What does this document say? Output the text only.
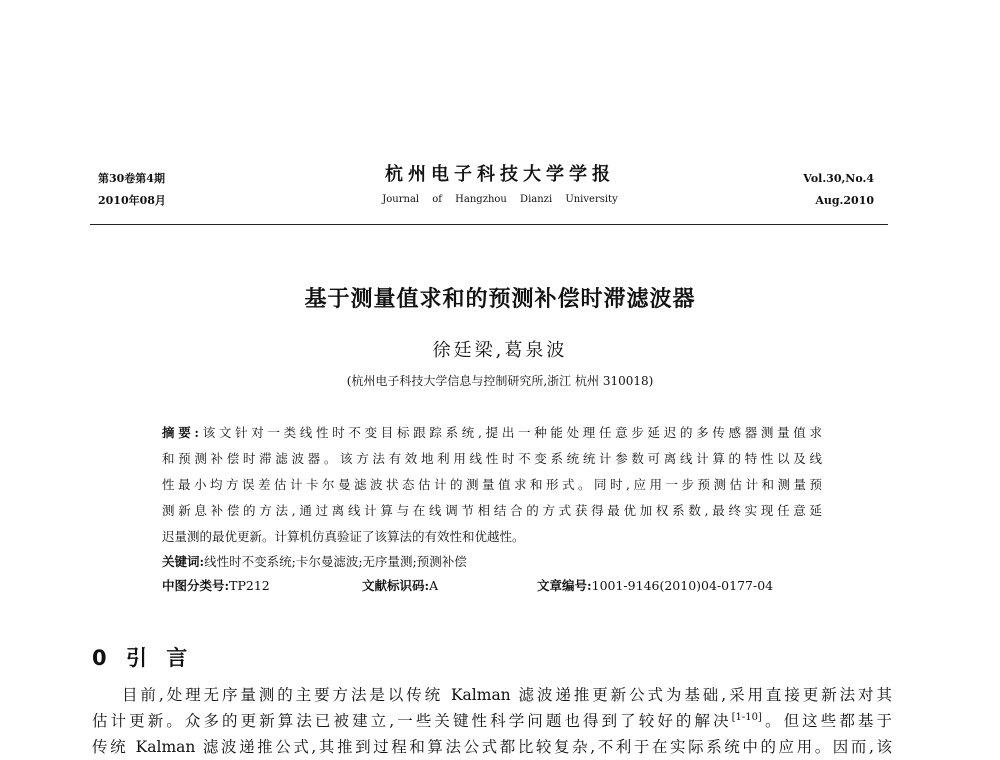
第30卷第4期
2010年08月
杭州电子科技大学学报
Journal of Hangzhou Dianzi University
Vol.30,No.4
Aug.2010
基于测量值求和的预测补偿时滞滤波器
徐廷梁,葛泉波
(杭州电子科技大学信息与控制研究所,浙江 杭州 310018)
摘要:该文针对一类线性时不变目标跟踪系统,提出一种能处理任意步延迟的多传感器测量值求
和预测补偿时滞滤波器。该方法有效地利用线性时不变系统统计参数可离线计算的特性以及线
性最小均方误差估计卡尔曼滤波状态估计的测量值求和形式。同时,应用一步预测估计和测量预
测新息补偿的方法,通过离线计算与在线调节相结合的方式获得最优加权系数,最终实现任意延
迟量测的最优更新。计算机仿真验证了该算法的有效性和优越性。
关键词:线性时不变系统;卡尔曼滤波;无序量测;预测补偿
中图分类号:TP212	文献标识码:A	文章编号:1001-9146(2010)04-0177-04
0 引 言
目前,处理无序量测的主要方法是以传统 Kalman 滤波递推更新公式为基础,采用直接更新法对其
估计更新。众多的更新算法已被建立,一些关键性科学问题也得到了较好的解决[1-10]。但这些都基于
传统 Kalman 滤波递推公式,其推到过程和算法公式都比较复杂,不利于在实际系统中的应用。因而,该
